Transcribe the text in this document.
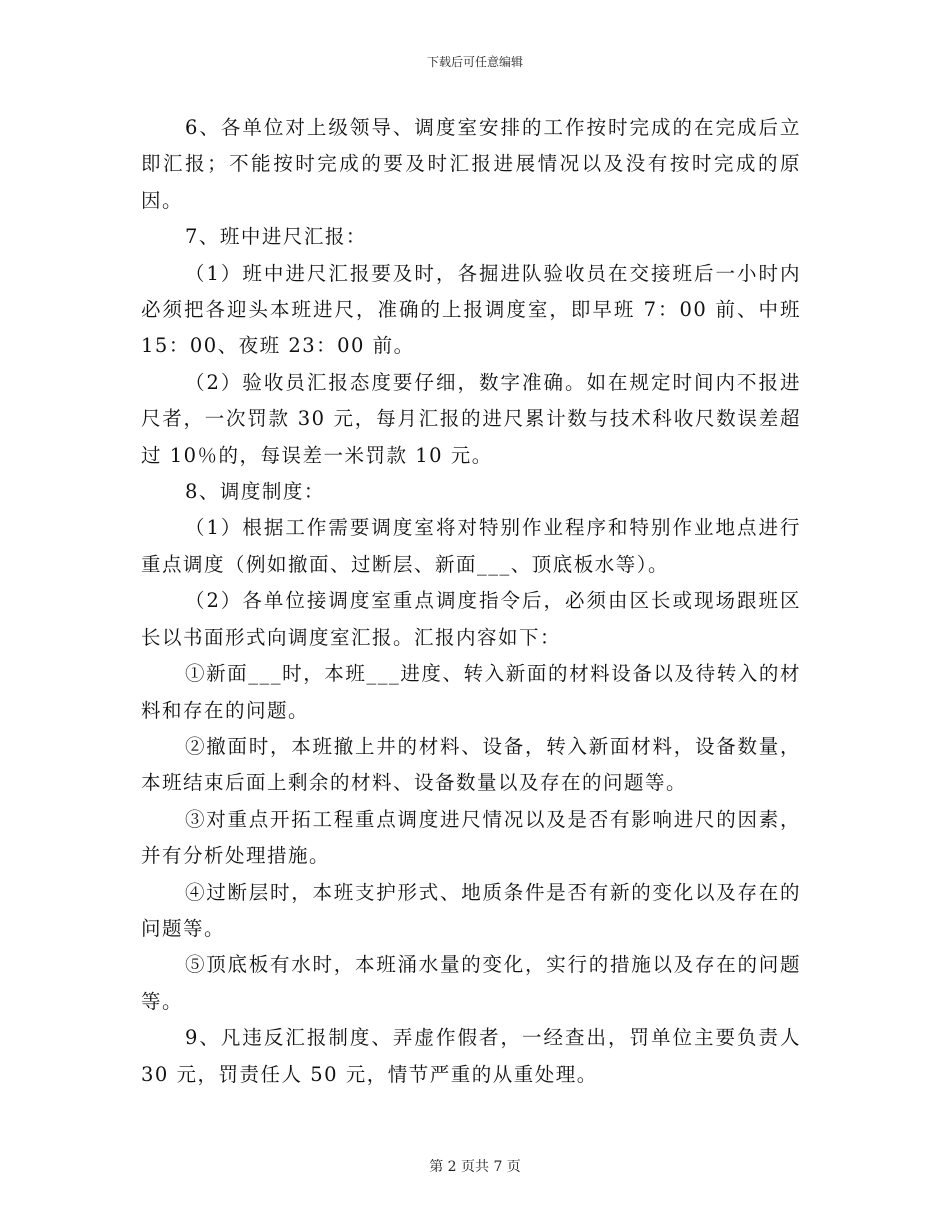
下载后可任意编辑

6、各单位对上级领导、调度室安排的工作按时完成的在完成后立即汇报；不能按时完成的要及时汇报进展情况以及没有按时完成的原因。

7、班中进尺汇报：

（1）班中进尺汇报要及时，各掘进队验收员在交接班后一小时内必须把各迎头本班进尺，准确的上报调度室，即早班 7：00 前、中班 15：00、夜班 23：00 前。

（2）验收员汇报态度要仔细，数字准确。如在规定时间内不报进尺者，一次罚款 30 元，每月汇报的进尺累计数与技术科收尺数误差超过 10％的，每误差一米罚款 10 元。

8、调度制度：

（1）根据工作需要调度室将对特别作业程序和特别作业地点进行重点调度（例如撤面、过断层、新面___、顶底板水等）。

（2）各单位接调度室重点调度指令后，必须由区长或现场跟班区长以书面形式向调度室汇报。汇报内容如下：

①新面___时，本班___进度、转入新面的材料设备以及待转入的材料和存在的问题。

②撤面时，本班撤上井的材料、设备，转入新面材料，设备数量，本班结束后面上剩余的材料、设备数量以及存在的问题等。

③对重点开拓工程重点调度进尺情况以及是否有影响进尺的因素，并有分析处理措施。

④过断层时，本班支护形式、地质条件是否有新的变化以及存在的问题等。

⑤顶底板有水时，本班涌水量的变化，实行的措施以及存在的问题等。

9、凡违反汇报制度、弄虚作假者，一经查出，罚单位主要负责人 30 元，罚责任人 50 元，情节严重的从重处理。

第 2 页共 7 页
